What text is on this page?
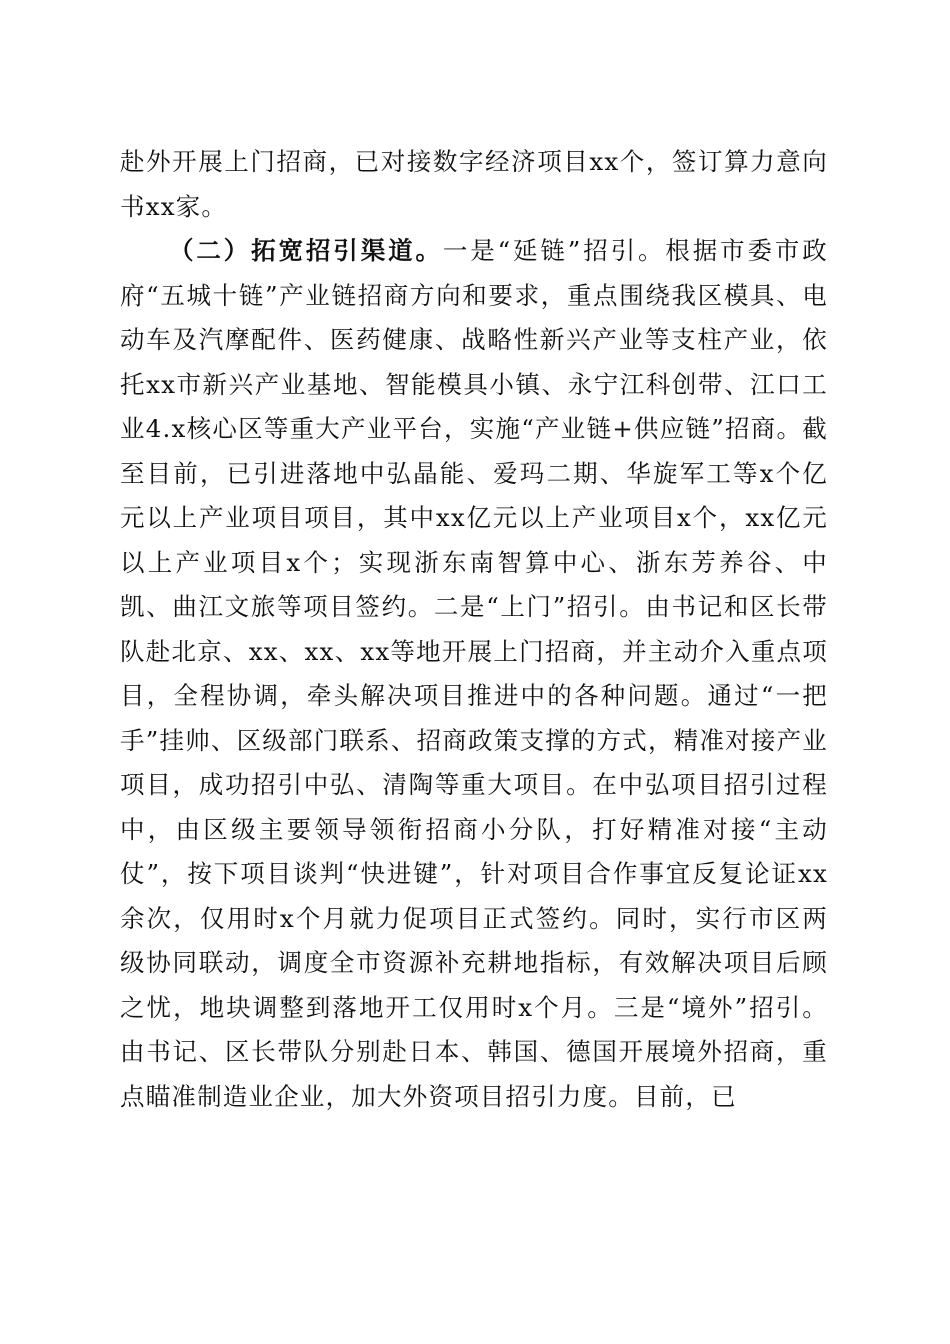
赴外开展上门招商，已对接数字经济项目xx个，签订算力意向书xx家。

（二）拓宽招引渠道。一是“延链”招引。根据市委市政府“五城十链”产业链招商方向和要求，重点围绕我区模具、电动车及汽摩配件、医药健康、战略性新兴产业等支柱产业，依托xx市新兴产业基地、智能模具小镇、永宁江科创带、江口工业4.x核心区等重大产业平台，实施“产业链+供应链”招商。截至目前，已引进落地中弘晶能、爱玛二期、华旋军工等x个亿元以上产业项目项目，其中xx亿元以上产业项目x个，xx亿元以上产业项目x个；实现浙东南智算中心、浙东芳养谷、中凯、曲江文旅等项目签约。二是“上门”招引。由书记和区长带队赴北京、xx、xx、xx等地开展上门招商，并主动介入重点项目，全程协调，牵头解决项目推进中的各种问题。通过“一把手”挂帅、区级部门联系、招商政策支撑的方式，精准对接产业项目，成功招引中弘、清陶等重大项目。在中弘项目招引过程中，由区级主要领导领衔招商小分队，打好精准对接“主动仗”，按下项目谈判“快进键”，针对项目合作事宜反复论证xx余次，仅用时x个月就力促项目正式签约。同时，实行市区两级协同联动，调度全市资源补充耕地指标，有效解决项目后顾之忧，地块调整到落地开工仅用时x个月。三是“境外”招引。由书记、区长带队分别赴日本、韩国、德国开展境外招商，重点瞄准制造业企业，加大外资项目招引力度。目前，已
